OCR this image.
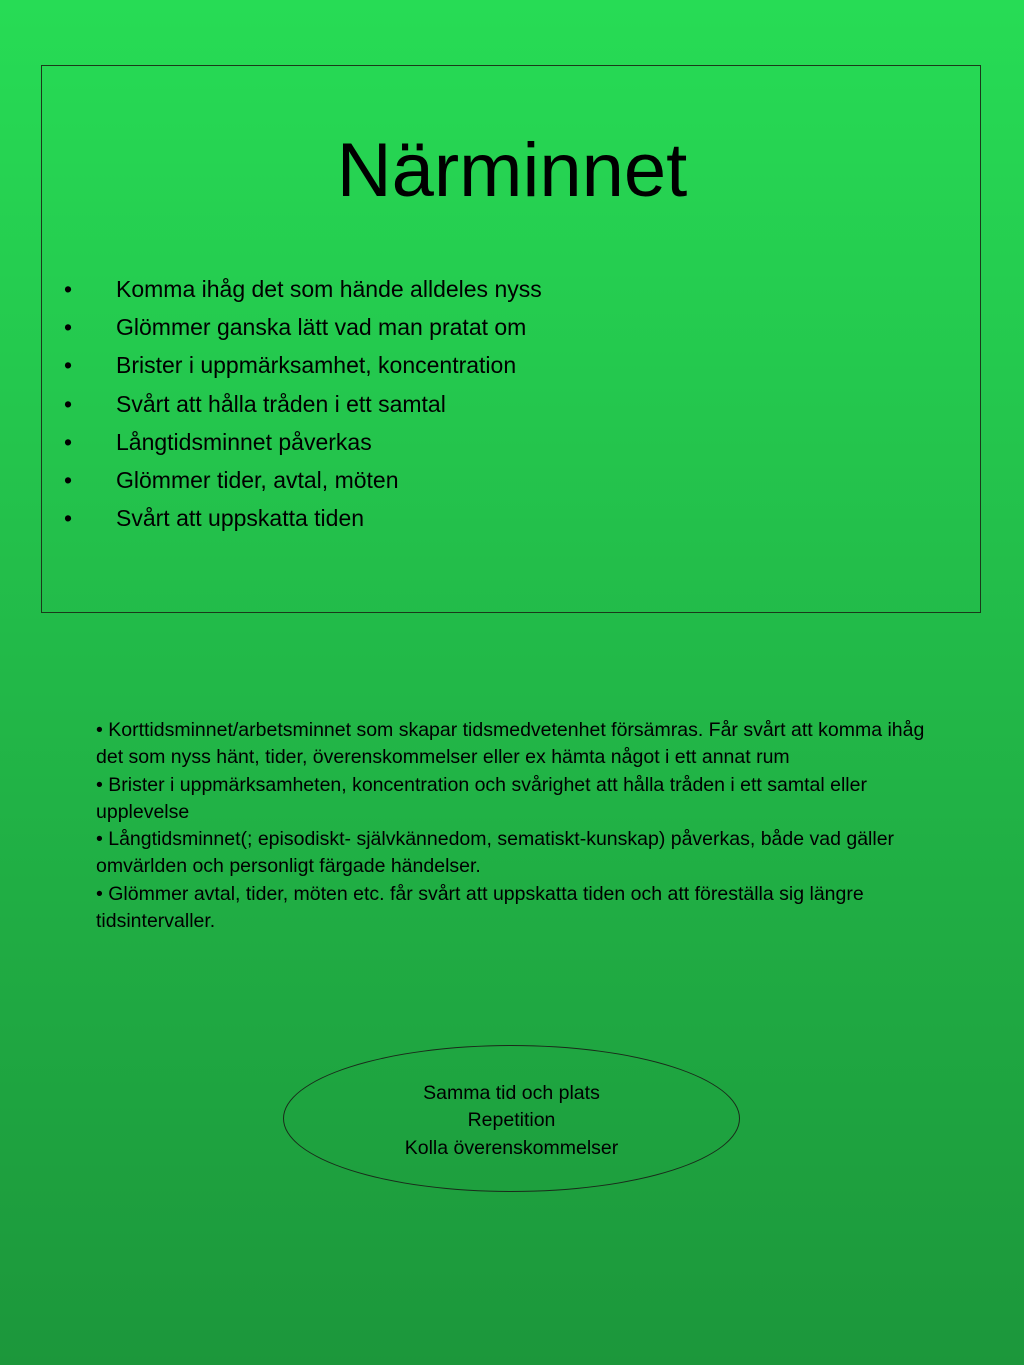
Närminnet
• Komma ihåg det som hände alldeles nyss
• Glömmer ganska lätt vad man pratat om
• Brister i uppmärksamhet, koncentration
• Svårt att hålla tråden i ett samtal
• Långtidsminnet påverkas
• Glömmer tider, avtal, möten
• Svårt att uppskatta tiden

• Korttidsminnet/arbetsminnet som skapar tidsmedvetenhet försämras. Får svårt att komma ihåg det som nyss hänt, tider, överenskommelser eller ex hämta något i ett annat rum

• Brister i uppmärksamheten, koncentration och svårighet att hålla tråden i ett samtal eller upplevelse

• Långtidsminnet(; episodiskt- självkännedom, sematiskt-kunskap) påverkas, både vad gäller omvärlden och personligt färgade händelser.

• Glömmer avtal, tider, möten etc. får svårt att uppskatta tiden och att föreställa sig längre tidsintervaller.

Samma tid och plats
Repetition
Kolla överenskommelser
